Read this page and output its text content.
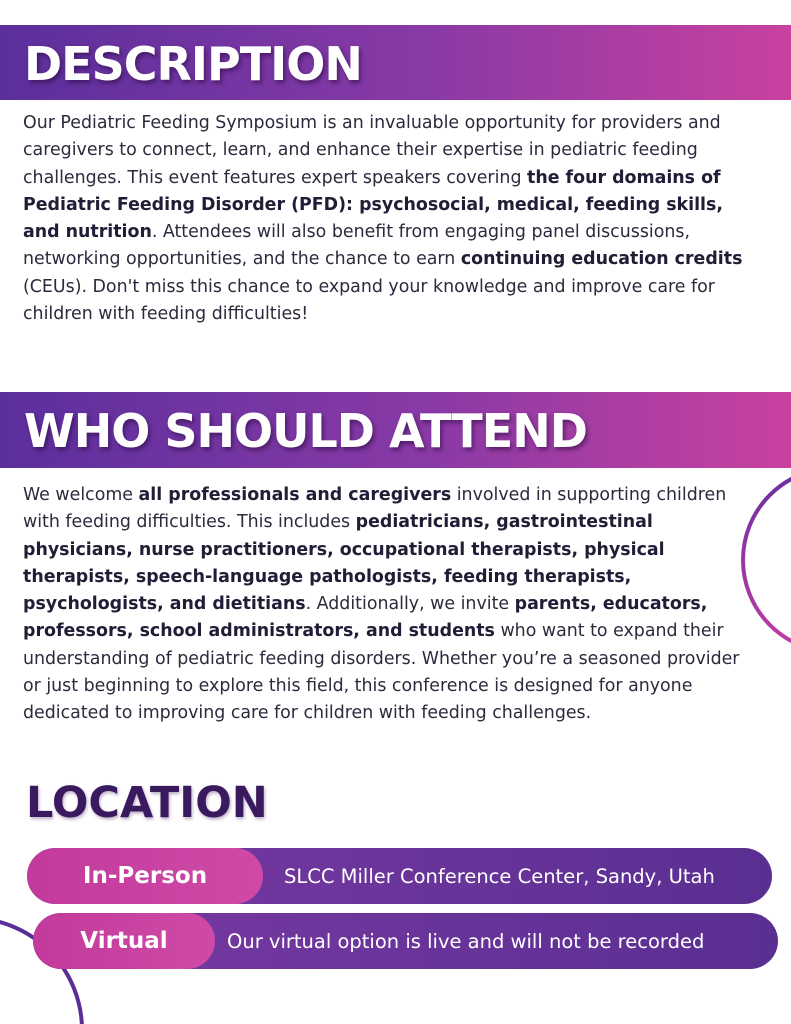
DESCRIPTION

Our Pediatric Feeding Symposium is an invaluable opportunity for providers and caregivers to connect, learn, and enhance their expertise in pediatric feeding challenges. This event features expert speakers covering the four domains of Pediatric Feeding Disorder (PFD): psychosocial, medical, feeding skills, and nutrition. Attendees will also benefit from engaging panel discussions, networking opportunities, and the chance to earn continuing education credits (CEUs). Don't miss this chance to expand your knowledge and improve care for children with feeding difficulties!

WHO SHOULD ATTEND

We welcome all professionals and caregivers involved in supporting children with feeding difficulties. This includes pediatricians, gastrointestinal physicians, nurse practitioners, occupational therapists, physical therapists, speech-language pathologists, feeding therapists, psychologists, and dietitians. Additionally, we invite parents, educators, professors, school administrators, and students who want to expand their understanding of pediatric feeding disorders. Whether you’re a seasoned provider or just beginning to explore this field, this conference is designed for anyone dedicated to improving care for children with feeding challenges.

LOCATION
In-Person	SLCC Miller Conference Center, Sandy, Utah
Virtual	Our virtual option is live and will not be recorded
